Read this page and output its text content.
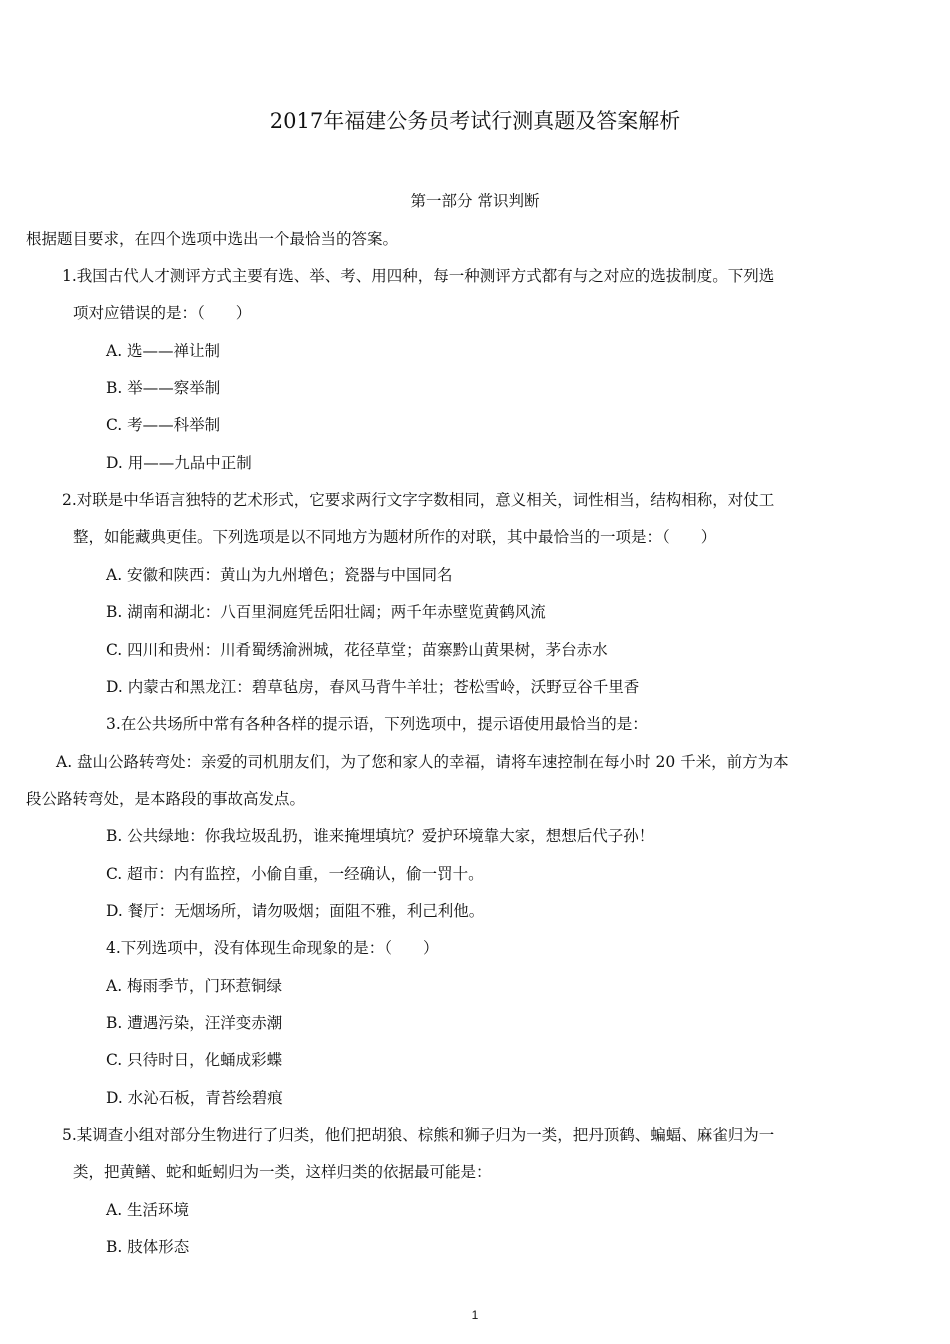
2017年福建公务员考试行测真题及答案解析
第一部分 常识判断
根据题目要求，在四个选项中选出一个最恰当的答案。
1.我国古代人才测评方式主要有选、举、考、用四种，每一种测评方式都有与之对应的选拔制度。下列选
项对应错误的是：（　　）
A. 选——禅让制
B. 举——察举制
C. 考——科举制
D. 用——九品中正制
2.对联是中华语言独特的艺术形式，它要求两行文字字数相同，意义相关，词性相当，结构相称，对仗工
整，如能藏典更佳。下列选项是以不同地方为题材所作的对联，其中最恰当的一项是：（　　）
A. 安徽和陕西：黄山为九州增色；瓷器与中国同名
B. 湖南和湖北：八百里洞庭凭岳阳壮阔；两千年赤壁览黄鹤风流
C. 四川和贵州：川肴蜀绣渝洲城，花径草堂；苗寨黔山黄果树，茅台赤水
D. 内蒙古和黑龙江：碧草毡房，春风马背牛羊壮；苍松雪岭，沃野豆谷千里香
3.在公共场所中常有各种各样的提示语，下列选项中，提示语使用最恰当的是：
A. 盘山公路转弯处：亲爱的司机朋友们，为了您和家人的幸福，请将车速控制在每小时 20 千米，前方为本
段公路转弯处，是本路段的事故高发点。
B. 公共绿地：你我垃圾乱扔，谁来掩埋填坑？爱护环境靠大家，想想后代子孙！
C. 超市：内有监控，小偷自重，一经确认，偷一罚十。
D. 餐厅：无烟场所，请勿吸烟；面阻不雅，利己利他。
4.下列选项中，没有体现生命现象的是：（　　）
A. 梅雨季节，门环惹铜绿
B. 遭遇污染，汪洋变赤潮
C. 只待时日，化蛹成彩蝶
D. 水沁石板，青苔绘碧痕
5.某调查小组对部分生物进行了归类，他们把胡狼、棕熊和狮子归为一类，把丹顶鹤、蝙蝠、麻雀归为一
类，把黄鳝、蛇和蚯蚓归为一类，这样归类的依据最可能是：
A. 生活环境
B. 肢体形态
1
